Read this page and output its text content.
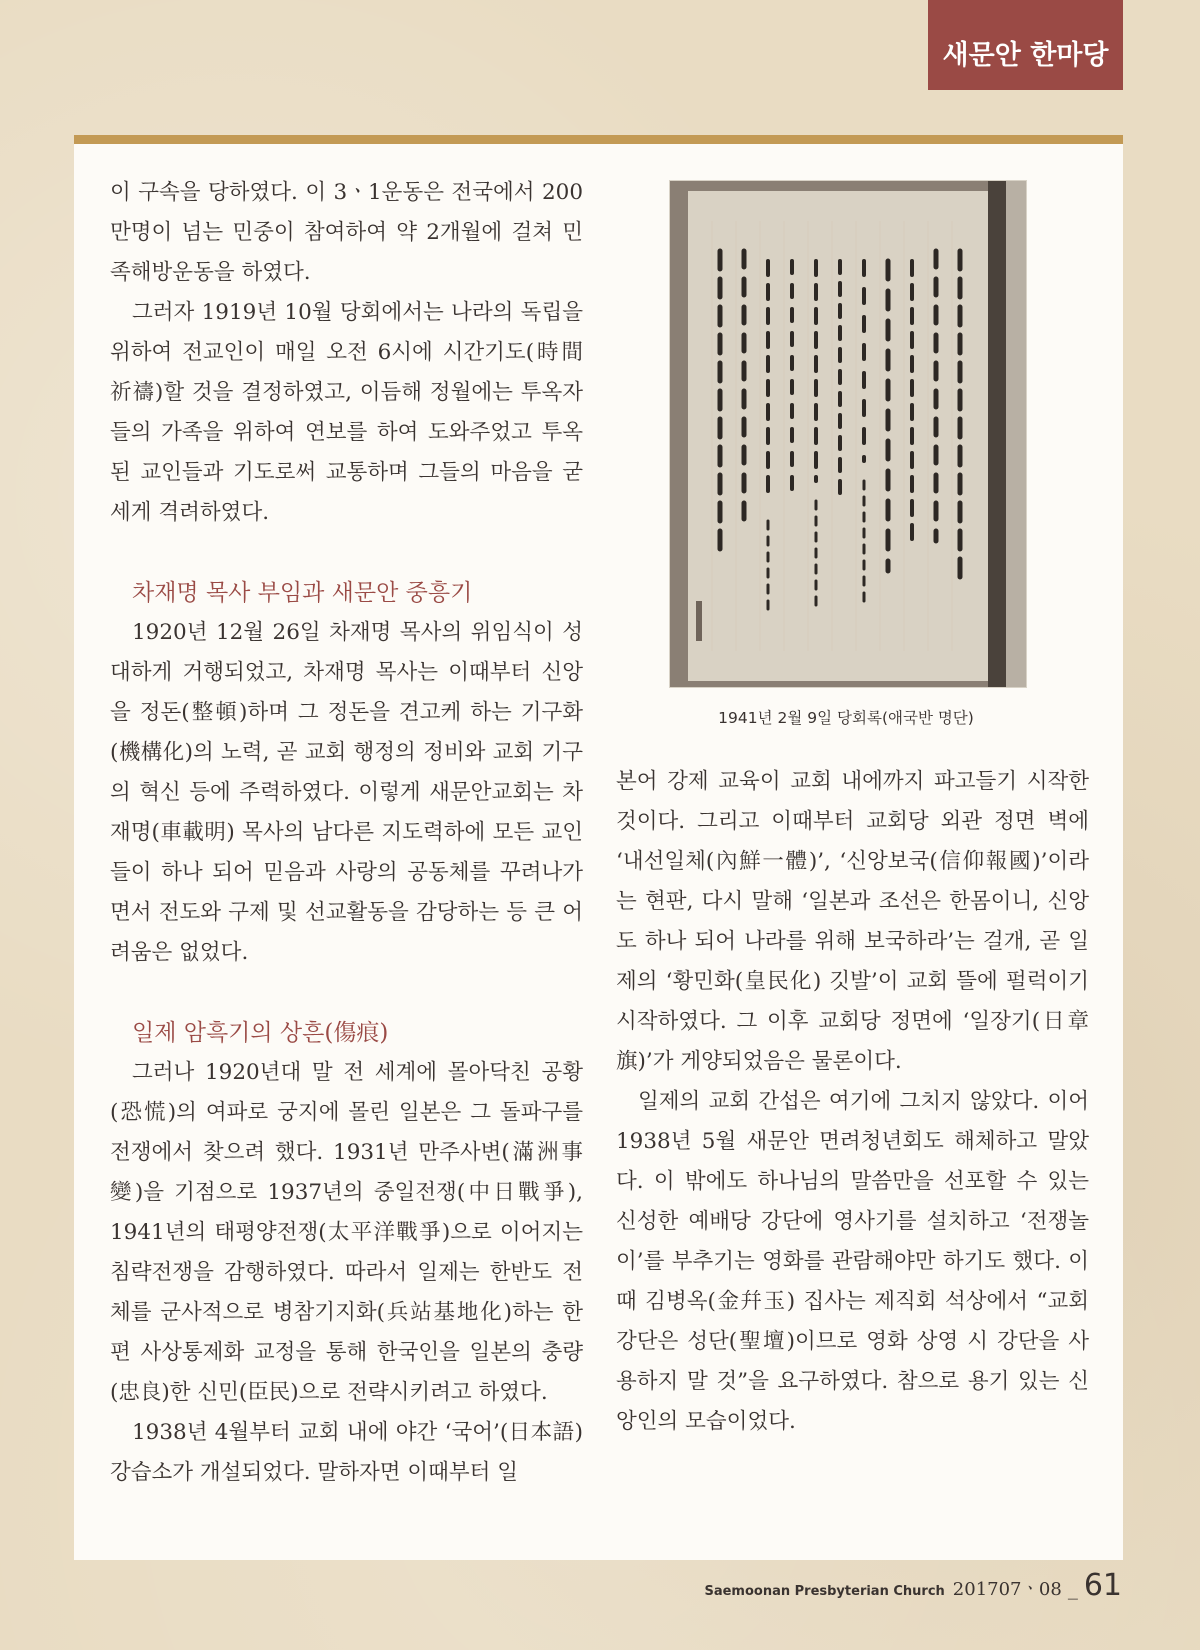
새문안 한마당

이 구속을 당하였다. 이 3ㆍ1운동은 전국에서 200만명이 넘는 민중이 참여하여 약 2개월에 걸쳐 민족해방운동을 하였다.

그러자 1919년 10월 당회에서는 나라의 독립을 위하여 전교인이 매일 오전 6시에 시간기도(時間祈禱)할 것을 결정하였고, 이듬해 정월에는 투옥자들의 가족을 위하여 연보를 하여 도와주었고 투옥된 교인들과 기도로써 교통하며 그들의 마음을 굳세게 격려하였다.

차재명 목사 부임과 새문안 중흥기

1920년 12월 26일 차재명 목사의 위임식이 성대하게 거행되었고, 차재명 목사는 이때부터 신앙을 정돈(整頓)하며 그 정돈을 견고케 하는 기구화(機構化)의 노력, 곧 교회 행정의 정비와 교회 기구의 혁신 등에 주력하였다. 이렇게 새문안교회는 차재명(車載明) 목사의 남다른 지도력하에 모든 교인들이 하나 되어 믿음과 사랑의 공동체를 꾸려나가면서 전도와 구제 및 선교활동을 감당하는 등 큰 어려움은 없었다.

일제 암흑기의 상흔(傷痕)

그러나 1920년대 말 전 세계에 몰아닥친 공황(恐慌)의 여파로 궁지에 몰린 일본은 그 돌파구를 전쟁에서 찾으려 했다. 1931년 만주사변(滿洲事變)을 기점으로 1937년의 중일전쟁(中日戰爭), 1941년의 태평양전쟁(太平洋戰爭)으로 이어지는 침략전쟁을 감행하였다. 따라서 일제는 한반도 전체를 군사적으로 병참기지화(兵站基地化)하는 한편 사상통제화 교정을 통해 한국인을 일본의 충량(忠良)한 신민(臣民)으로 전략시키려고 하였다.

1938년 4월부터 교회 내에 야간 ‘국어’(日本語) 강습소가 개설되었다. 말하자면 이때부터 일

1941년 2월 9일 당회록(애국반 명단)

본어 강제 교육이 교회 내에까지 파고들기 시작한 것이다. 그리고 이때부터 교회당 외관 정면 벽에 ‘내선일체(內鮮一體)’, ‘신앙보국(信仰報國)’이라는 현판, 다시 말해 ‘일본과 조선은 한몸이니, 신앙도 하나 되어 나라를 위해 보국하라’는 걸개, 곧 일제의 ‘황민화(皇民化) 깃발’이 교회 뜰에 펄럭이기 시작하였다. 그 이후 교회당 정면에 ‘일장기(日章旗)’가 게양되었음은 물론이다.

일제의 교회 간섭은 여기에 그치지 않았다. 이어 1938년 5월 새문안 면려청년회도 해체하고 말았다. 이 밖에도 하나님의 말씀만을 선포할 수 있는 신성한 예배당 강단에 영사기를 설치하고 ‘전쟁놀이’를 부추기는 영화를 관람해야만 하기도 했다. 이때 김병옥(金幷玉) 집사는 제직회 석상에서 “교회 강단은 성단(聖壇)이므로 영화 상영 시 강단을 사용하지 말 것”을 요구하였다. 참으로 용기 있는 신앙인의 모습이었다.

Saemoonan Presbyterian Church 201707ㆍ08 _ 61
